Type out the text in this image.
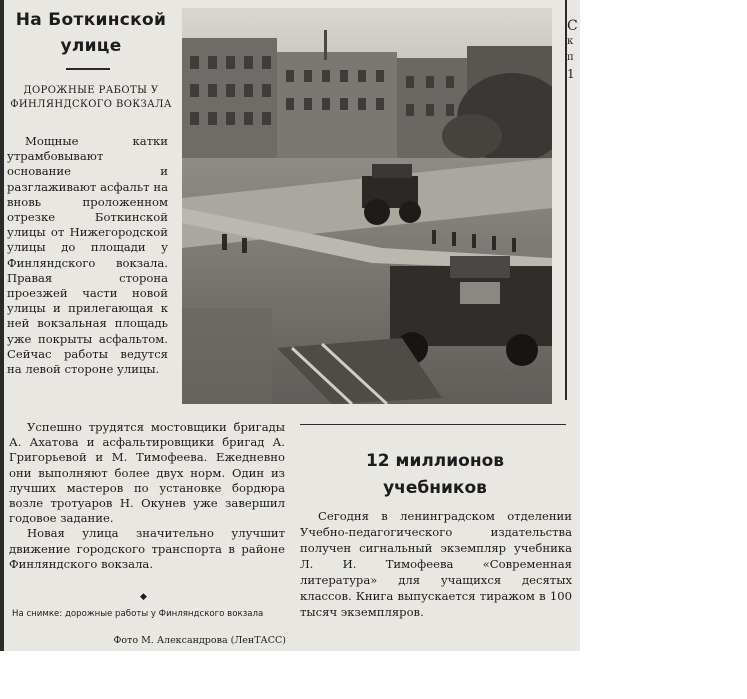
На Боткинской улице
ДОРОЖНЫЕ РАБОТЫ У ФИНЛЯНДСКОГО ВОКЗАЛА

Мощные катки утрамбовывают основание и разглаживают асфальт на вновь проложенном отрезке Боткинской улицы от Нижегородской улицы до площади у Финляндского вокзала. Правая сторона проезжей части новой улицы и прилегающая к ней вокзальная площадь уже покрыты асфальтом. Сейчас работы ведутся на левой стороне улицы.

Успешно трудятся мостовщики бригады А. Ахатова и асфальтировщики бригад А. Григорьевой и М. Тимофеева. Ежедневно они выполняют более двух норм. Один из лучших мастеров по установке бордюра возле тротуаров Н. Окунев уже завершил годовое задание.

Новая улица значительно улучшит движение городского транспорта в районе Финляндского вокзала.

◆
На снимке: дорожные работы у Финляндского вокзала
Фото М. Александрова (ЛенТАСС)
12 миллионов учебников

Сегодня в ленинградском отделении Учебно-педагогического издательства получен сигнальный экземпляр учебника Л. И. Тимофеева «Современная литература» для учащихся десятых классов. Книга выпускается тиражом в 100 тысяч экземпляров.

С
к
п
1
